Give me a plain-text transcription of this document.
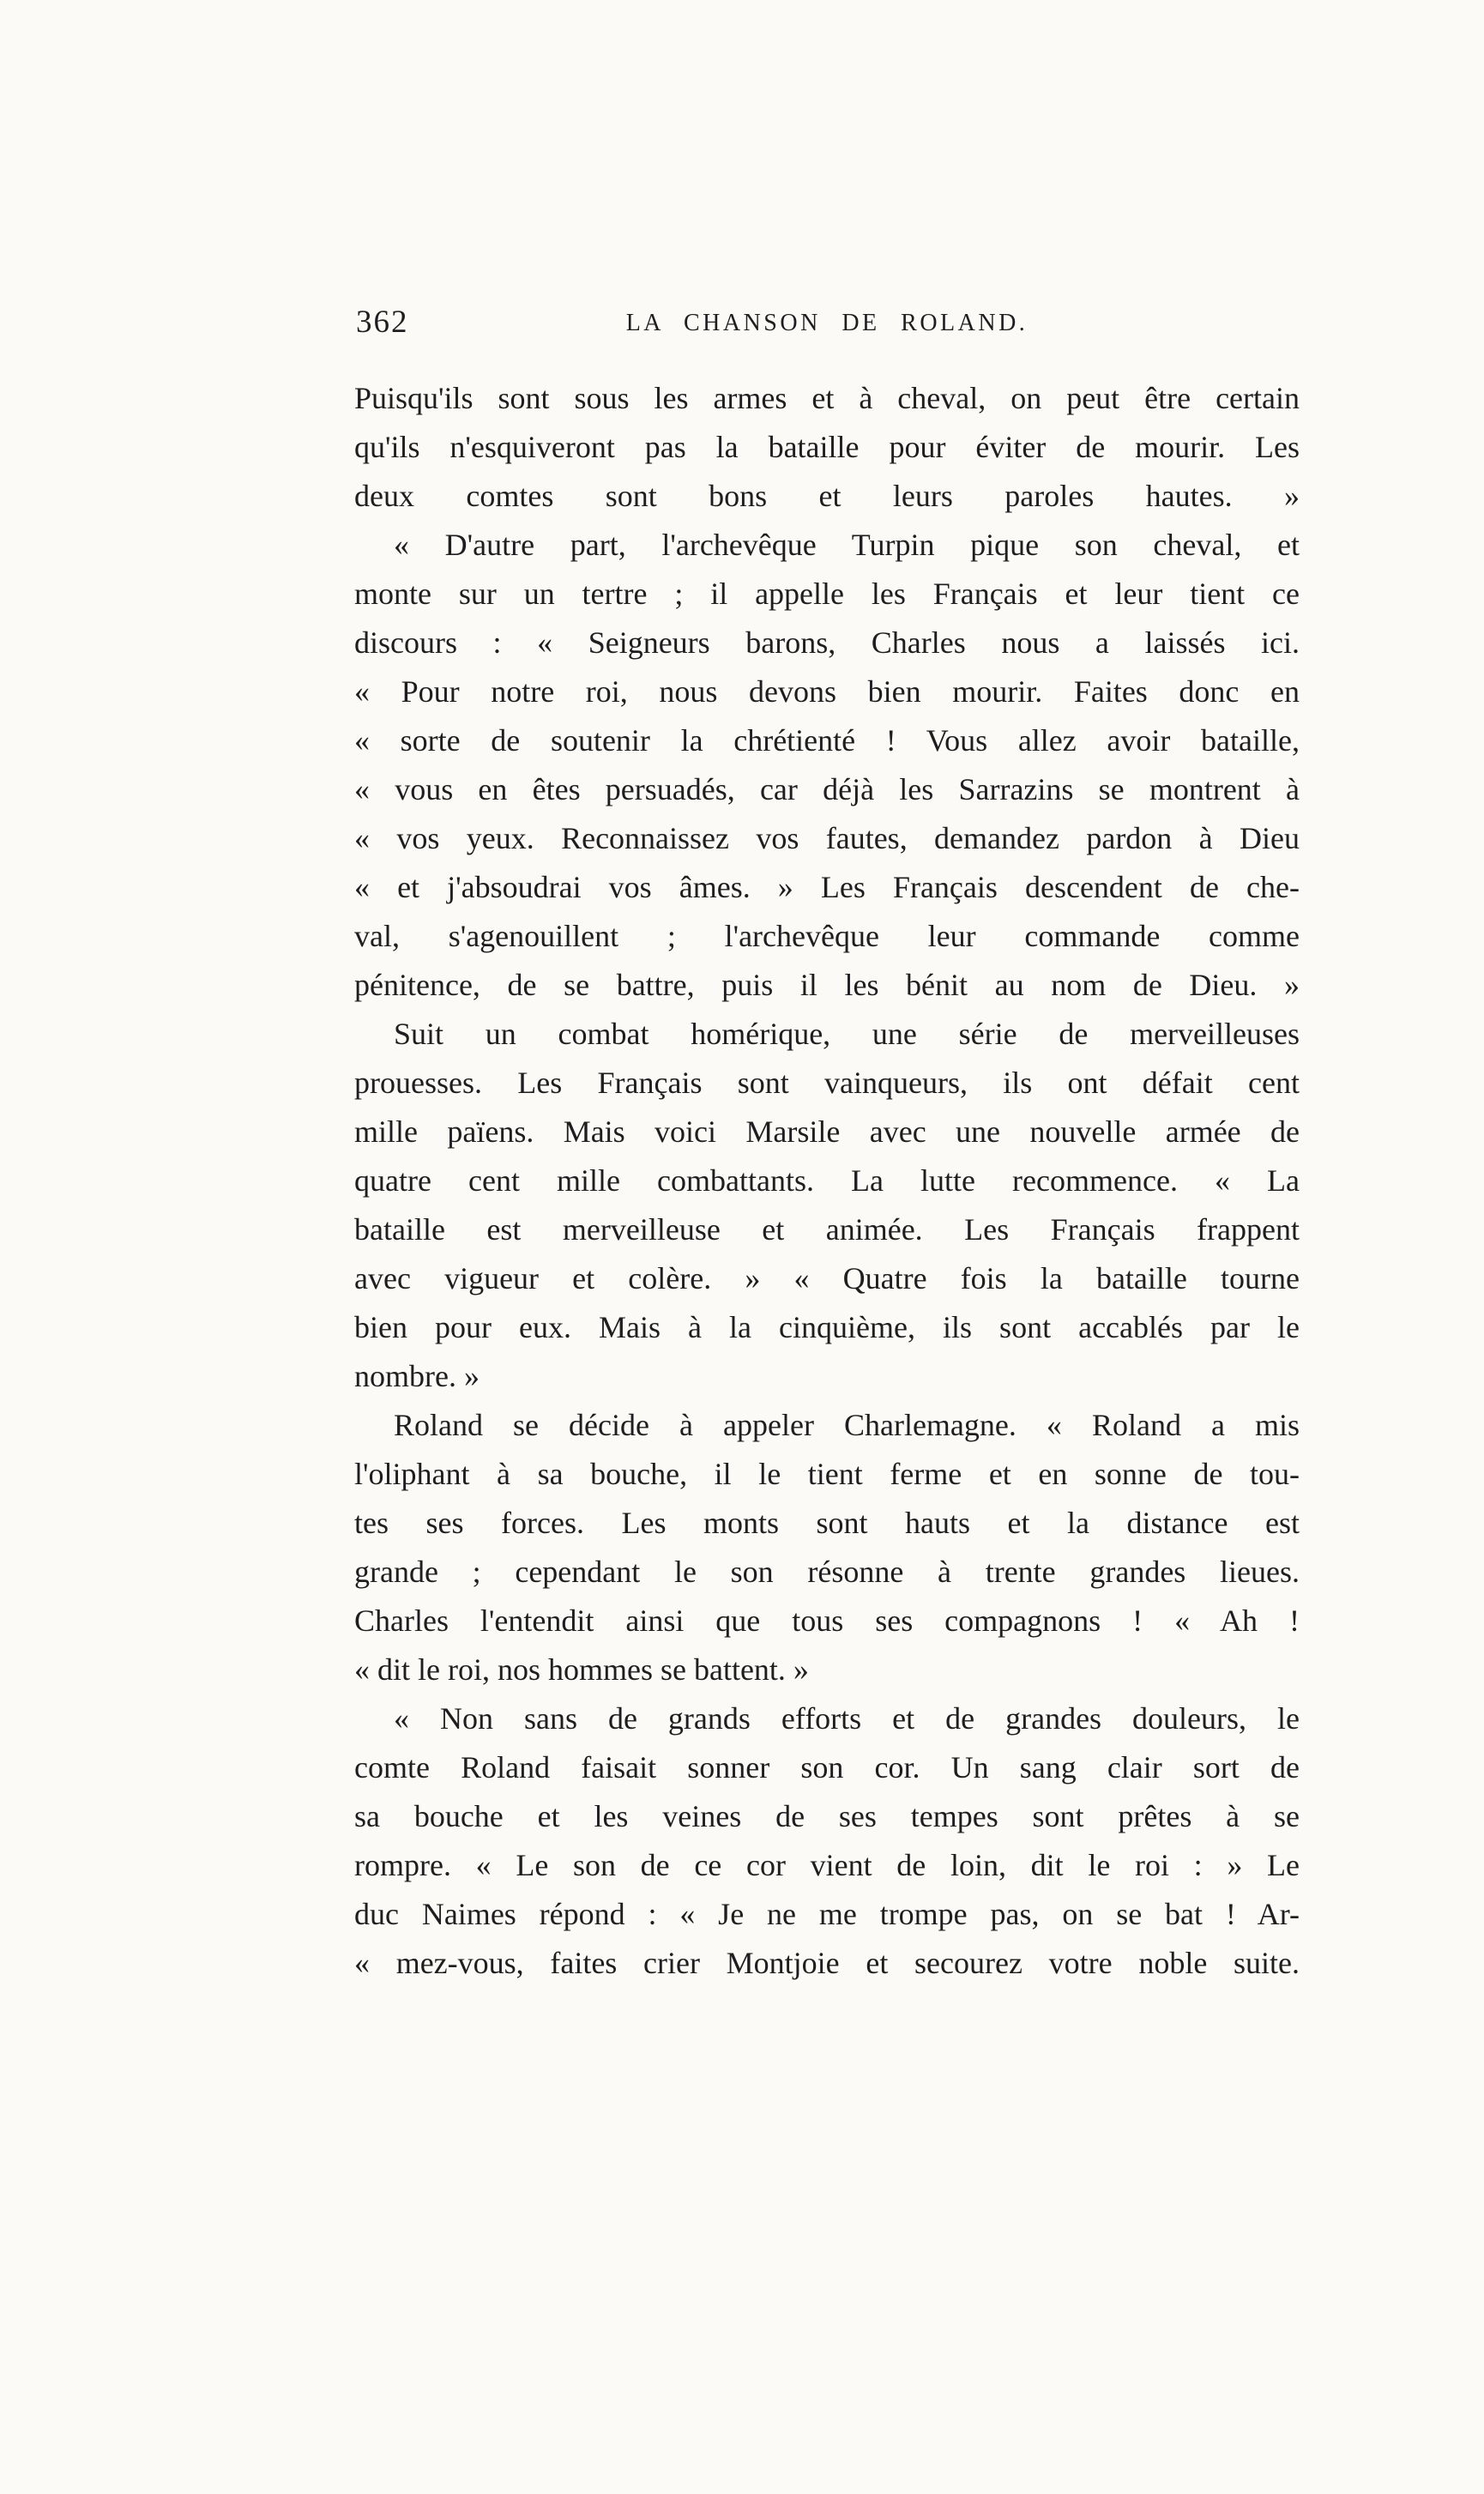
362	LA CHANSON DE ROLAND.
Puisqu'ils sont sous les armes et à cheval, on peut être certain
qu'ils n'esquiveront pas la bataille pour éviter de mourir. Les
deux comtes sont bons et leurs paroles hautes. »
« D'autre part, l'archevêque Turpin pique son cheval, et
monte sur un tertre ; il appelle les Français et leur tient ce
discours : « Seigneurs barons, Charles nous a laissés ici.
« Pour notre roi, nous devons bien mourir. Faites donc en
« sorte de soutenir la chrétienté ! Vous allez avoir bataille,
« vous en êtes persuadés, car déjà les Sarrazins se montrent à
« vos yeux. Reconnaissez vos fautes, demandez pardon à Dieu
« et j'absoudrai vos âmes. » Les Français descendent de che-
val, s'agenouillent ; l'archevêque leur commande comme
pénitence, de se battre, puis il les bénit au nom de Dieu. »
Suit un combat homérique, une série de merveilleuses
prouesses. Les Français sont vainqueurs, ils ont défait cent
mille païens. Mais voici Marsile avec une nouvelle armée de
quatre cent mille combattants. La lutte recommence. « La
bataille est merveilleuse et animée. Les Français frappent
avec vigueur et colère. » « Quatre fois la bataille tourne
bien pour eux. Mais à la cinquième, ils sont accablés par le
nombre. »
Roland se décide à appeler Charlemagne. « Roland a mis
l'oliphant à sa bouche, il le tient ferme et en sonne de tou-
tes ses forces. Les monts sont hauts et la distance est
grande ; cependant le son résonne à trente grandes lieues.
Charles l'entendit ainsi que tous ses compagnons ! « Ah !
« dit le roi, nos hommes se battent. »
« Non sans de grands efforts et de grandes douleurs, le
comte Roland faisait sonner son cor. Un sang clair sort de
sa bouche et les veines de ses tempes sont prêtes à se
rompre. « Le son de ce cor vient de loin, dit le roi : » Le
duc Naimes répond : « Je ne me trompe pas, on se bat ! Ar-
« mez-vous, faites crier Montjoie et secourez votre noble suite.
